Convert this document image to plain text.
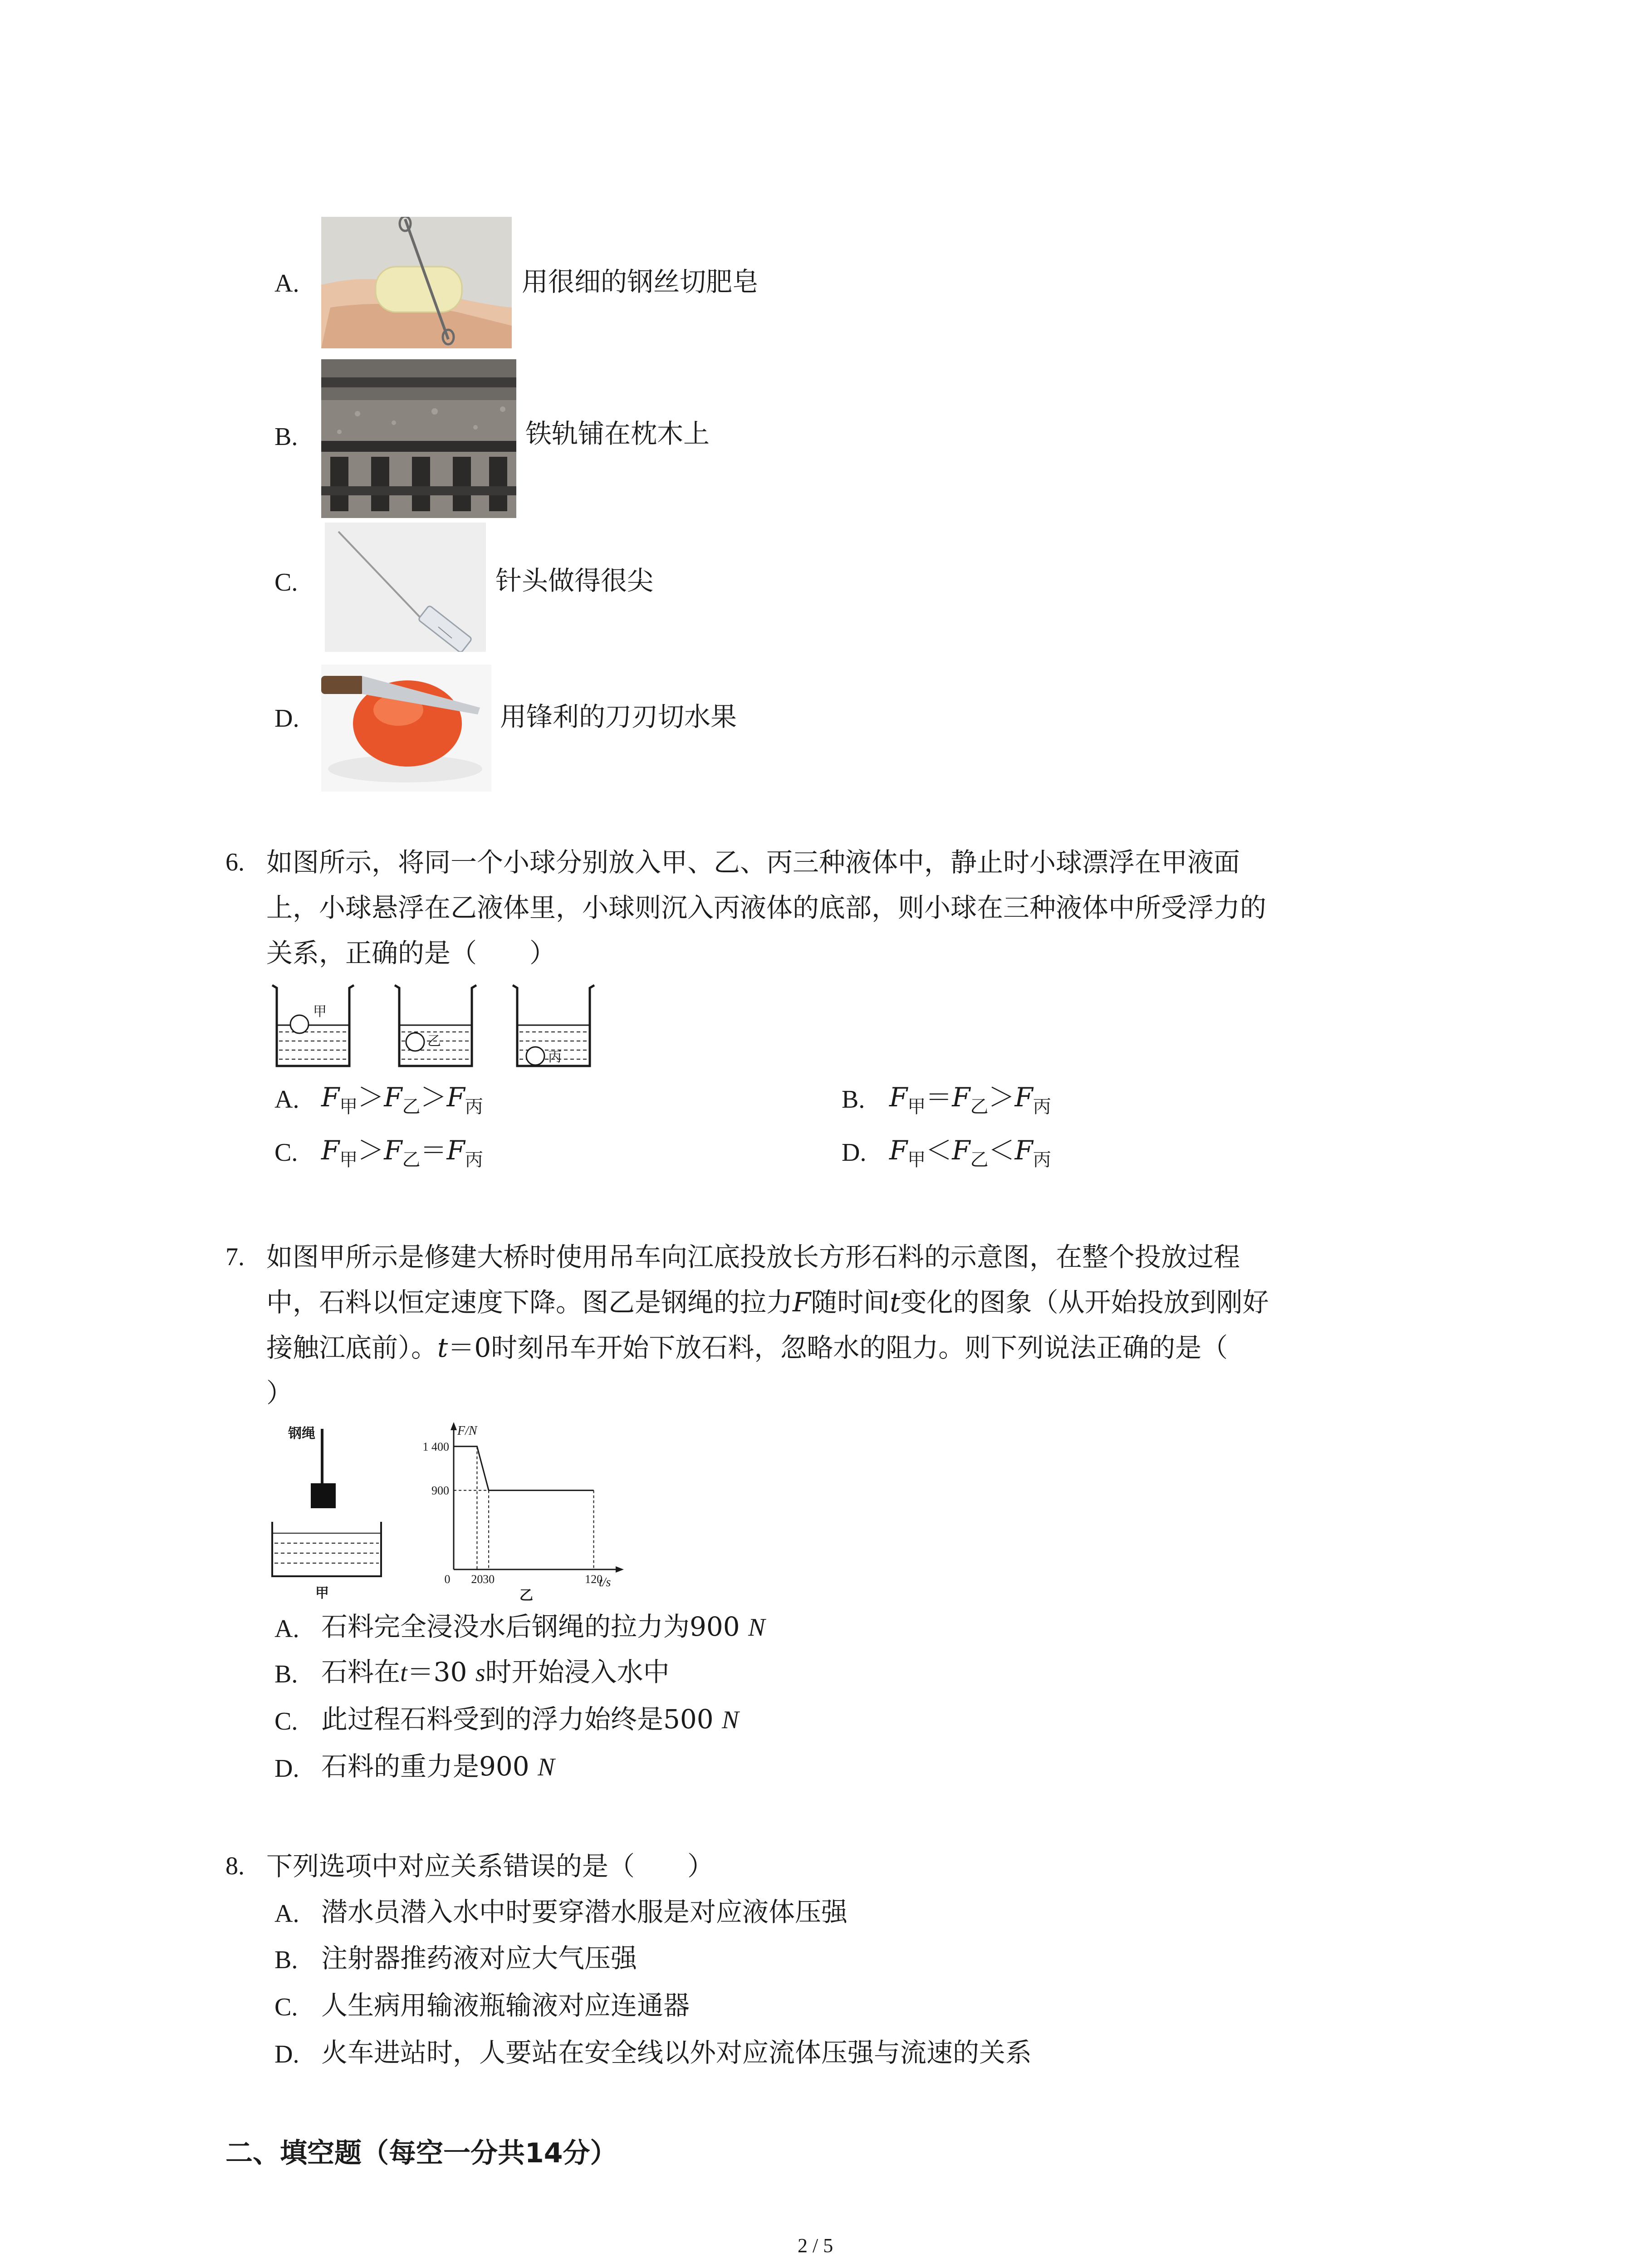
A.	用很细的钢丝切肥皂
B.	铁轨铺在枕木上
C.	针头做得很尖
D.	用锋利的刀刃切水果
6. 如图所示，将同一个小球分别放入甲、乙、丙三种液体中，静止时小球漂浮在甲液面
上，小球悬浮在乙液体里，小球则沉入丙液体的底部，则小球在三种液体中所受浮力的
关系，正确的是（　　）
甲
乙
丙
A. $F_甲>F_乙>F_丙$	B. $F_甲=F_乙>F_丙$
C. $F_甲>F_乙=F_丙$	D. $F_甲<F_乙<F_丙$
7. 如图甲所示是修建大桥时使用吊车向江底投放长方形石料的示意图，在整个投放过程
中，石料以恒定速度下降。图乙是钢绳的拉力F随时间t变化的图象（从开始投放到刚好
接触江底前）。t＝0时刻吊车开始下放石料，忽略水的阻力。则下列说法正确的是（
）
钢绳
甲
F/N
t/s
乙
1 400
900
0 20 30	120
A. 石料完全浸没水后钢绳的拉力为900 N
B. 石料在t＝30 s时开始浸入水中
C. 此过程石料受到的浮力始终是500 N
D. 石料的重力是900 N
8. 下列选项中对应关系错误的是（　　）
A. 潜水员潜入水中时要穿潜水服是对应液体压强
B. 注射器推药液对应大气压强
C. 人生病用输液瓶输液对应连通器
D. 火车进站时，人要站在安全线以外对应流体压强与流速的关系
二、填空题（每空一分共14分）
2 / 5
